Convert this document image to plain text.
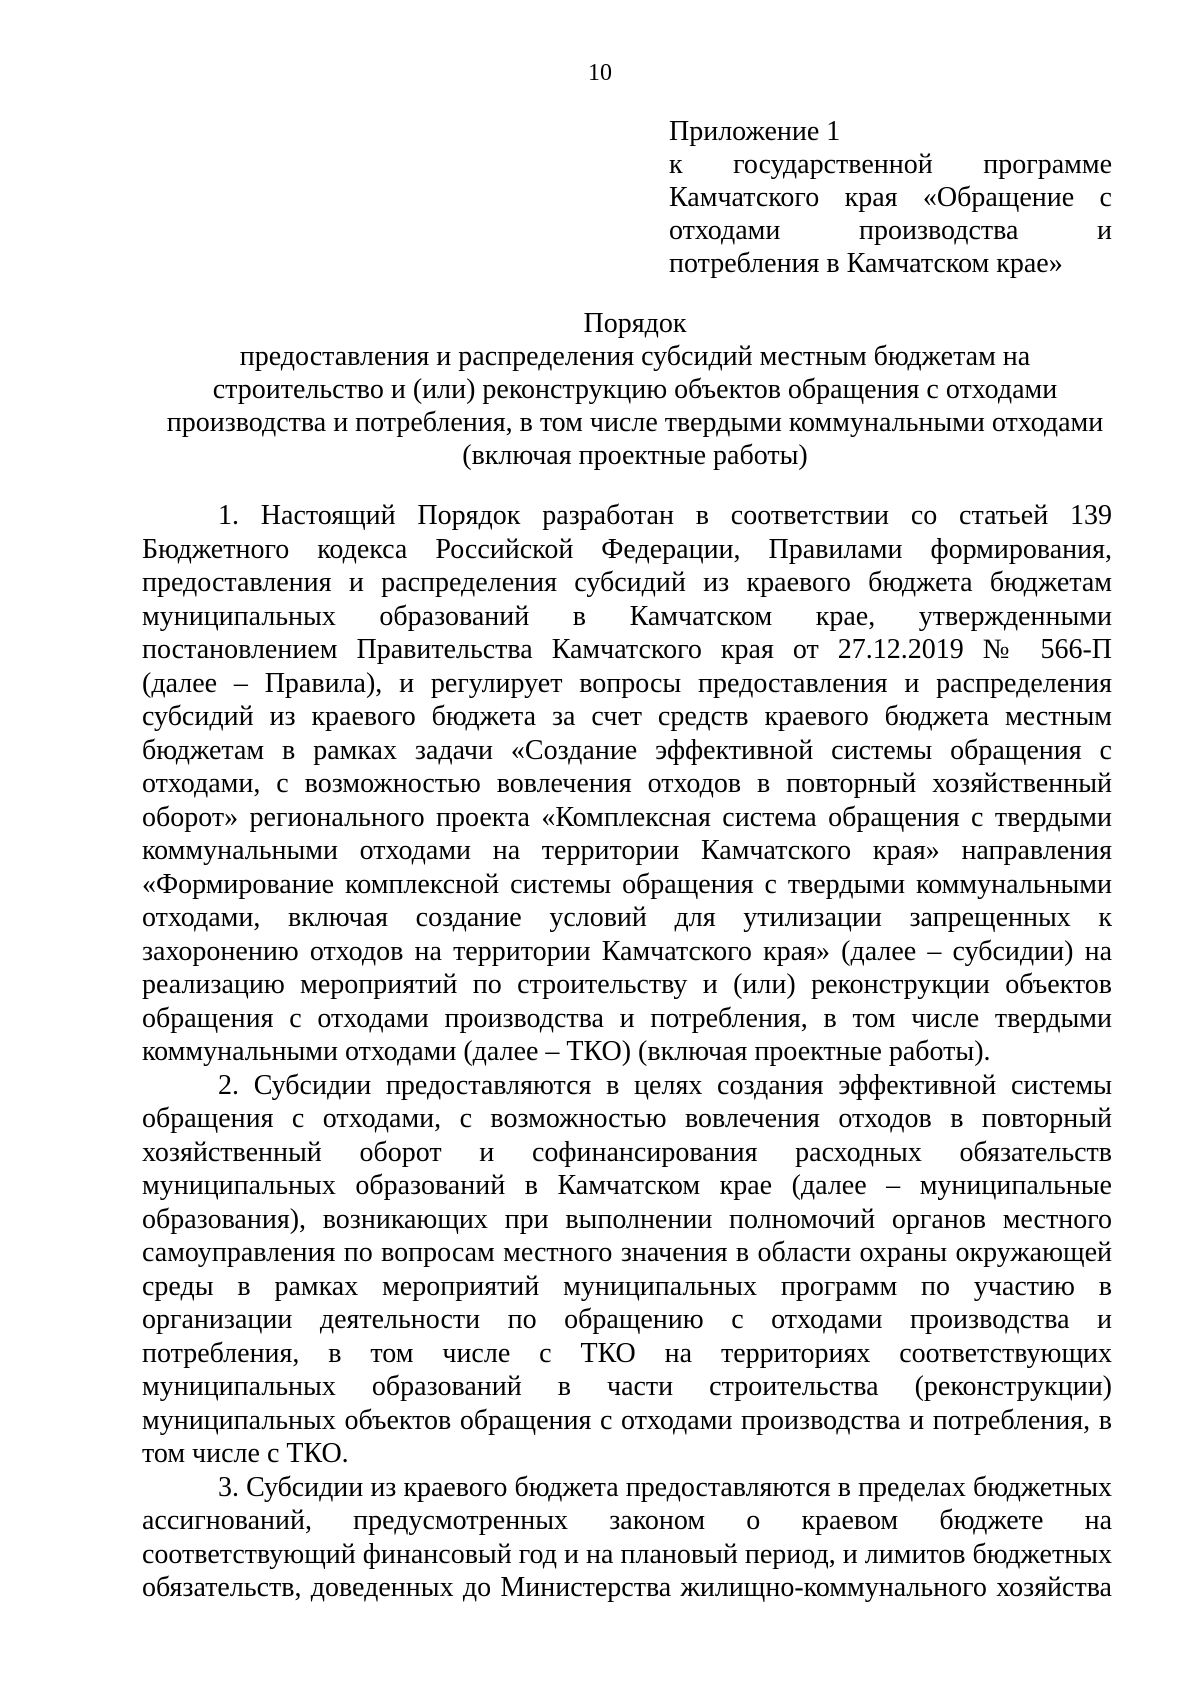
10
Приложение 1
к государственной программе
Камчатского края «Обращение с
отходами производства и
потребления в Камчатском крае»
Порядок
предоставления и распределения субсидий местным бюджетам на
строительство и (или) реконструкцию объектов обращения с отходами
производства и потребления, в том числе твердыми коммунальными отходами
(включая проектные работы)
1. Настоящий Порядок разработан в соответствии со статьей 139
Бюджетного кодекса Российской Федерации, Правилами формирования,
предоставления и распределения субсидий из краевого бюджета бюджетам
муниципальных образований в Камчатском крае, утвержденными
постановлением Правительства Камчатского края от 27.12.2019 № 566-П
(далее – Правила), и регулирует вопросы предоставления и распределения
субсидий из краевого бюджета за счет средств краевого бюджета местным
бюджетам в рамках задачи «Создание эффективной системы обращения с
отходами, с возможностью вовлечения отходов в повторный хозяйственный
оборот» регионального проекта «Комплексная система обращения с твердыми
коммунальными отходами на территории Камчатского края» направления
«Формирование комплексной системы обращения с твердыми коммунальными
отходами, включая создание условий для утилизации запрещенных к
захоронению отходов на территории Камчатского края» (далее – субсидии) на
реализацию мероприятий по строительству и (или) реконструкции объектов
обращения с отходами производства и потребления, в том числе твердыми
коммунальными отходами (далее – ТКО) (включая проектные работы).
2. Субсидии предоставляются в целях создания эффективной системы
обращения с отходами, с возможностью вовлечения отходов в повторный
хозяйственный оборот и софинансирования расходных обязательств
муниципальных образований в Камчатском крае (далее – муниципальные
образования), возникающих при выполнении полномочий органов местного
самоуправления по вопросам местного значения в области охраны окружающей
среды в рамках мероприятий муниципальных программ по участию в
организации деятельности по обращению с отходами производства и
потребления, в том числе с ТКО на территориях соответствующих
муниципальных образований в части строительства (реконструкции)
муниципальных объектов обращения с отходами производства и потребления, в
том числе с ТКО.
3. Субсидии из краевого бюджета предоставляются в пределах бюджетных
ассигнований, предусмотренных законом о краевом бюджете на
соответствующий финансовый год и на плановый период, и лимитов бюджетных
обязательств, доведенных до Министерства жилищно-коммунального хозяйства
